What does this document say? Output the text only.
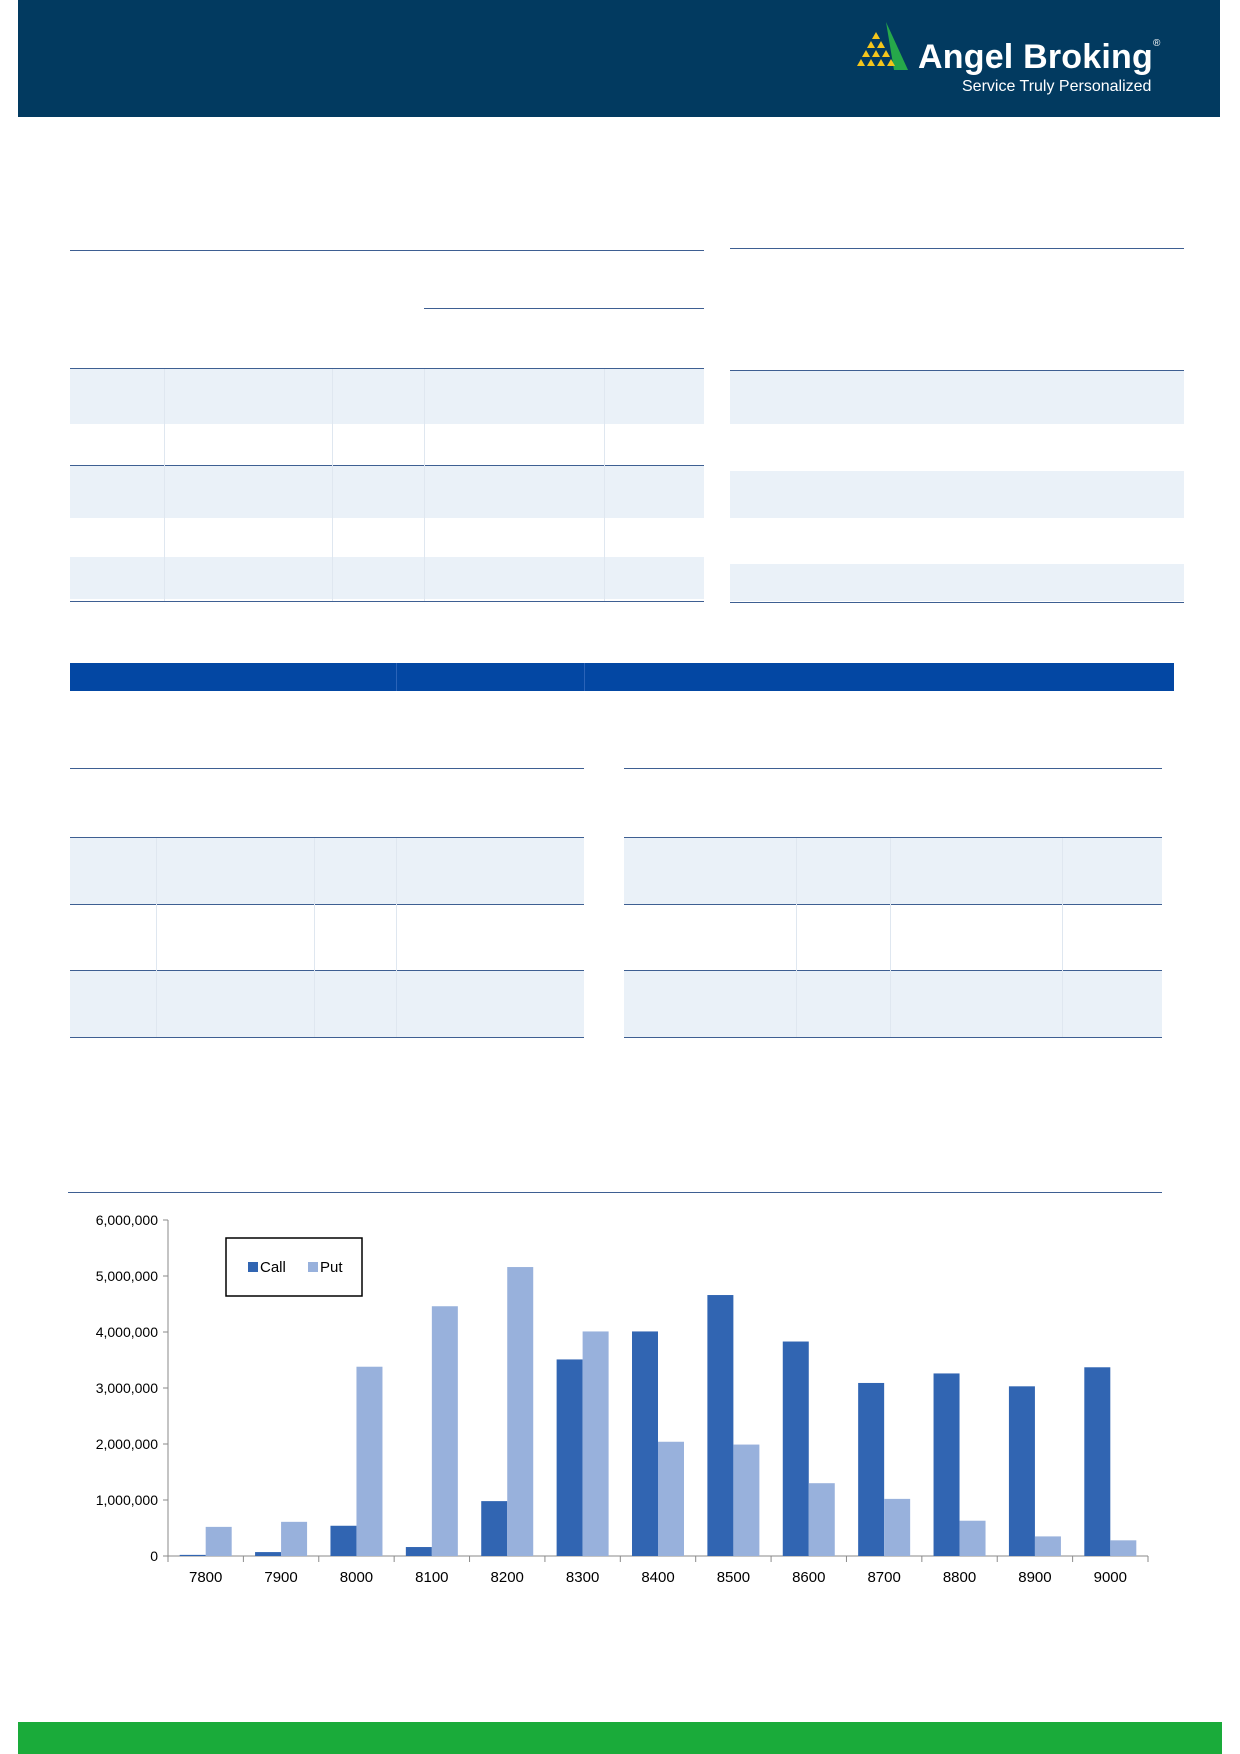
Angel Broking®
Service Truly Personalized
0
1,000,000
2,000,000
3,000,000
4,000,000
5,000,000
6,000,000
7800	7900	8000	8100	8200	8300	8400	8500	8600	8700	8800	8900	9000
Call Put
